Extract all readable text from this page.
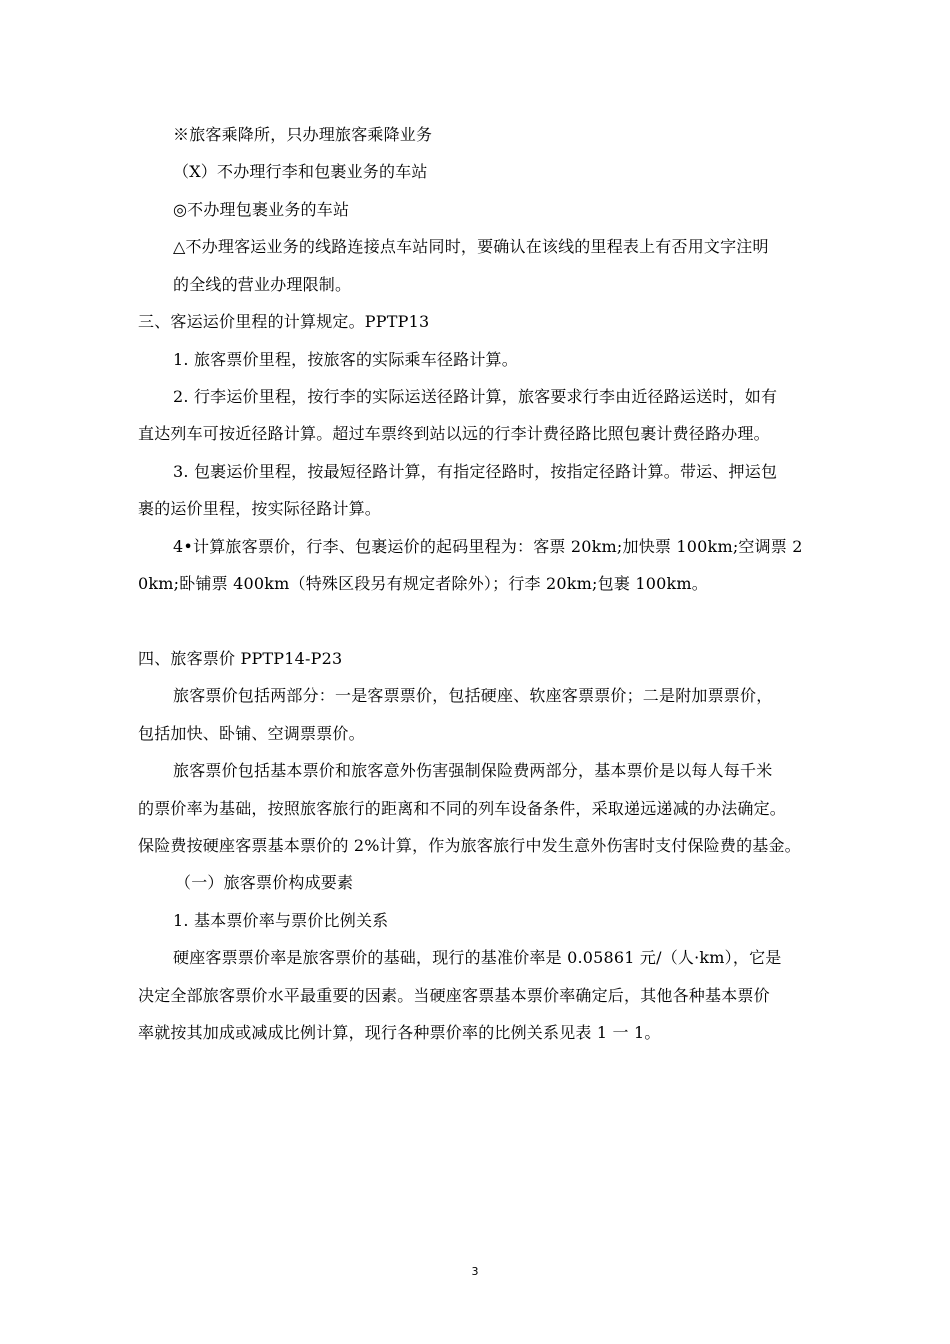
※旅客乘降所，只办理旅客乘降业务
（X）不办理行李和包裹业务的车站
◎不办理包裹业务的车站
△不办理客运业务的线路连接点车站同时，要确认在该线的里程表上有否用文字注明
的全线的营业办理限制。
三、客运运价里程的计算规定。PPTP13
1. 旅客票价里程，按旅客的实际乘车径路计算。
2. 行李运价里程，按行李的实际运送径路计算，旅客要求行李由近径路运送时，如有
直达列车可按近径路计算。超过车票终到站以远的行李计费径路比照包裹计费径路办理。
3. 包裹运价里程，按最短径路计算，有指定径路时，按指定径路计算。带运、押运包
裹的运价里程，按实际径路计算。
4•计算旅客票价，行李、包裹运价的起码里程为：客票 20km;加快票 100km;空调票 2
0km;卧铺票 400km（特殊区段另有规定者除外）；行李 20km;包裹 100km。
四、旅客票价 PPTP14-P23
旅客票价包括两部分：一是客票票价，包括硬座、软座客票票价；二是附加票票价，
包括加快、卧铺、空调票票价。
旅客票价包括基本票价和旅客意外伤害强制保险费两部分，基本票价是以每人每千米
的票价率为基础，按照旅客旅行的距离和不同的列车设备条件，采取递远递减的办法确定。
保险费按硬座客票基本票价的 2%计算，作为旅客旅行中发生意外伤害时支付保险费的基金。
（一）旅客票价构成要素
1. 基本票价率与票价比例关系
硬座客票票价率是旅客票价的基础，现行的基准价率是 0.05861 元/（人·km），它是
决定全部旅客票价水平最重要的因素。当硬座客票基本票价率确定后，其他各种基本票价
率就按其加成或减成比例计算，现行各种票价率的比例关系见表 1 一 1。
3
